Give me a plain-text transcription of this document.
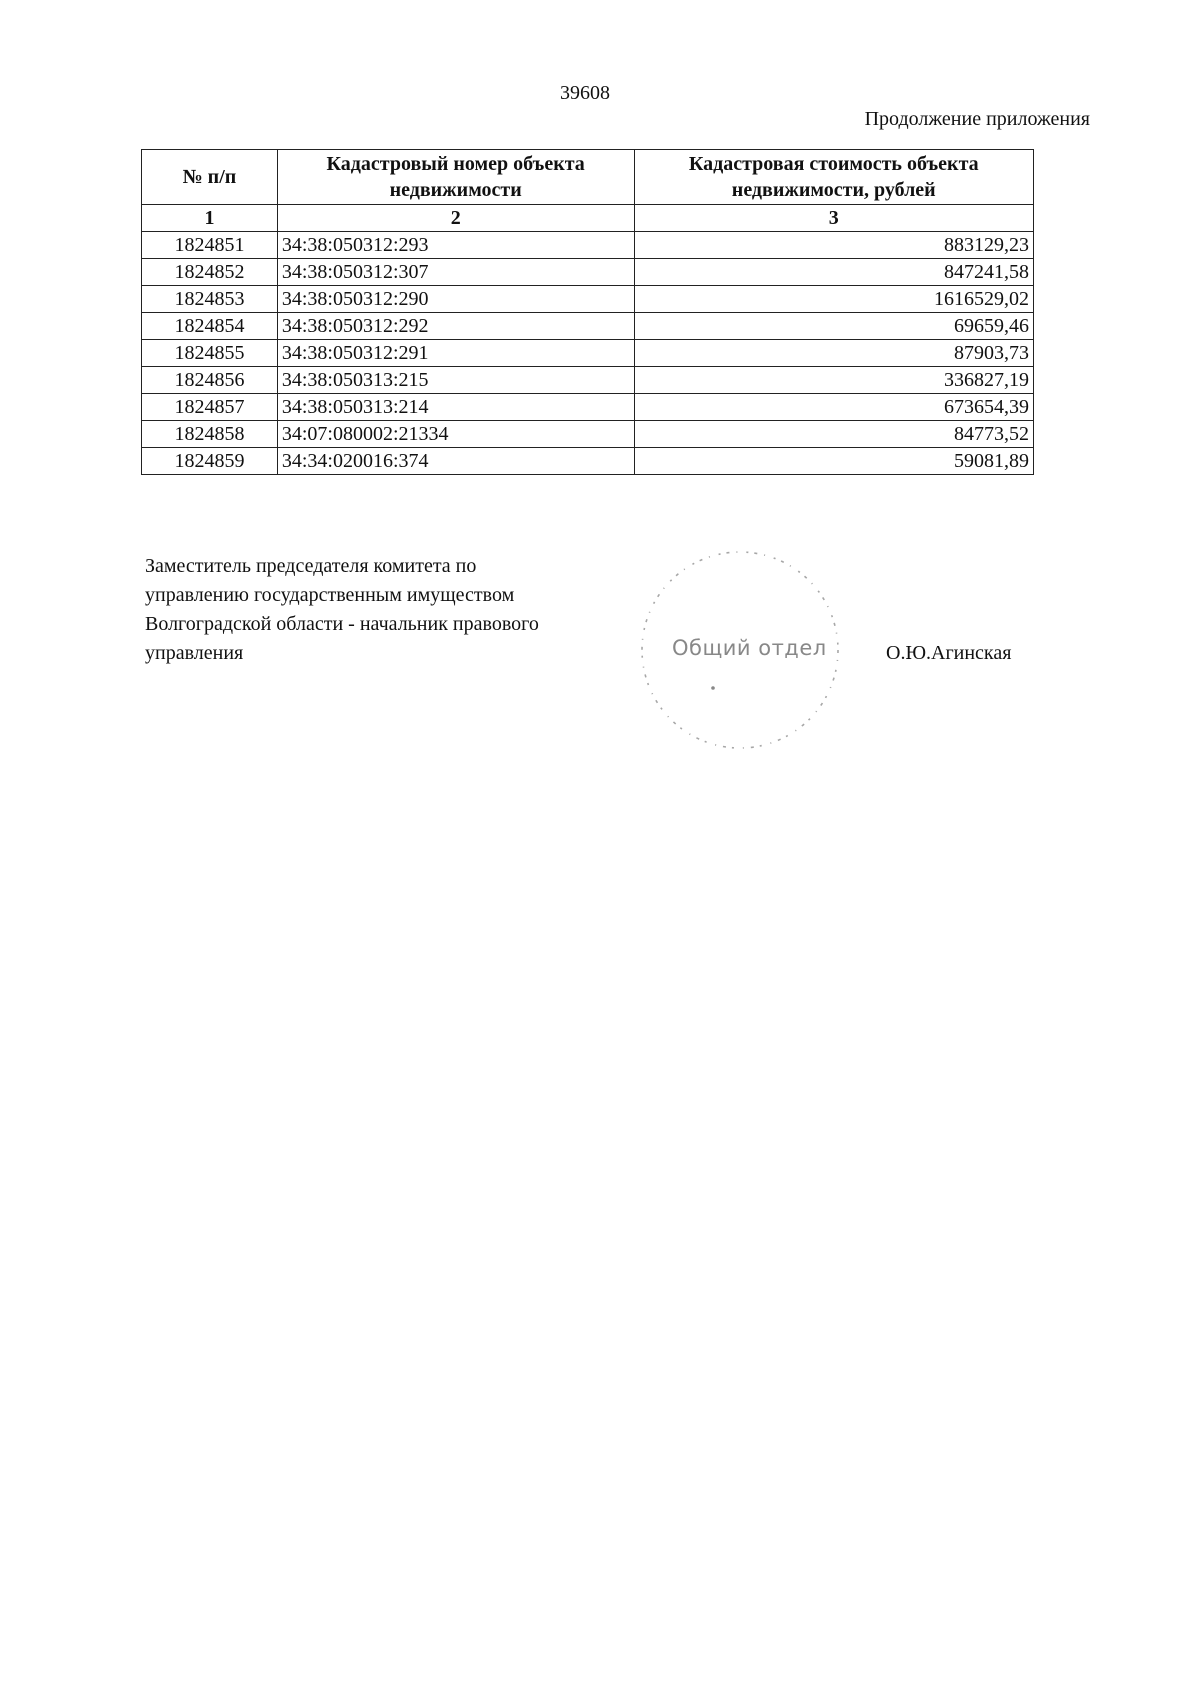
39608
Продолжение приложения
№ п/п	Кадастровый номер объекта недвижимости	Кадастровая стоимость объекта недвижимости, рублей
1	2	3
1824851	34:38:050312:293	883129,23
1824852	34:38:050312:307	847241,58
1824853	34:38:050312:290	1616529,02
1824854	34:38:050312:292	69659,46
1824855	34:38:050312:291	87903,73
1824856	34:38:050313:215	336827,19
1824857	34:38:050313:214	673654,39
1824858	34:07:080002:21334	84773,52
1824859	34:34:020016:374	59081,89
Заместитель председателя комитета по
управлению государственным имуществом
Волгоградской области - начальник правового
управления	Общий отдел	О.Ю.Агинская
